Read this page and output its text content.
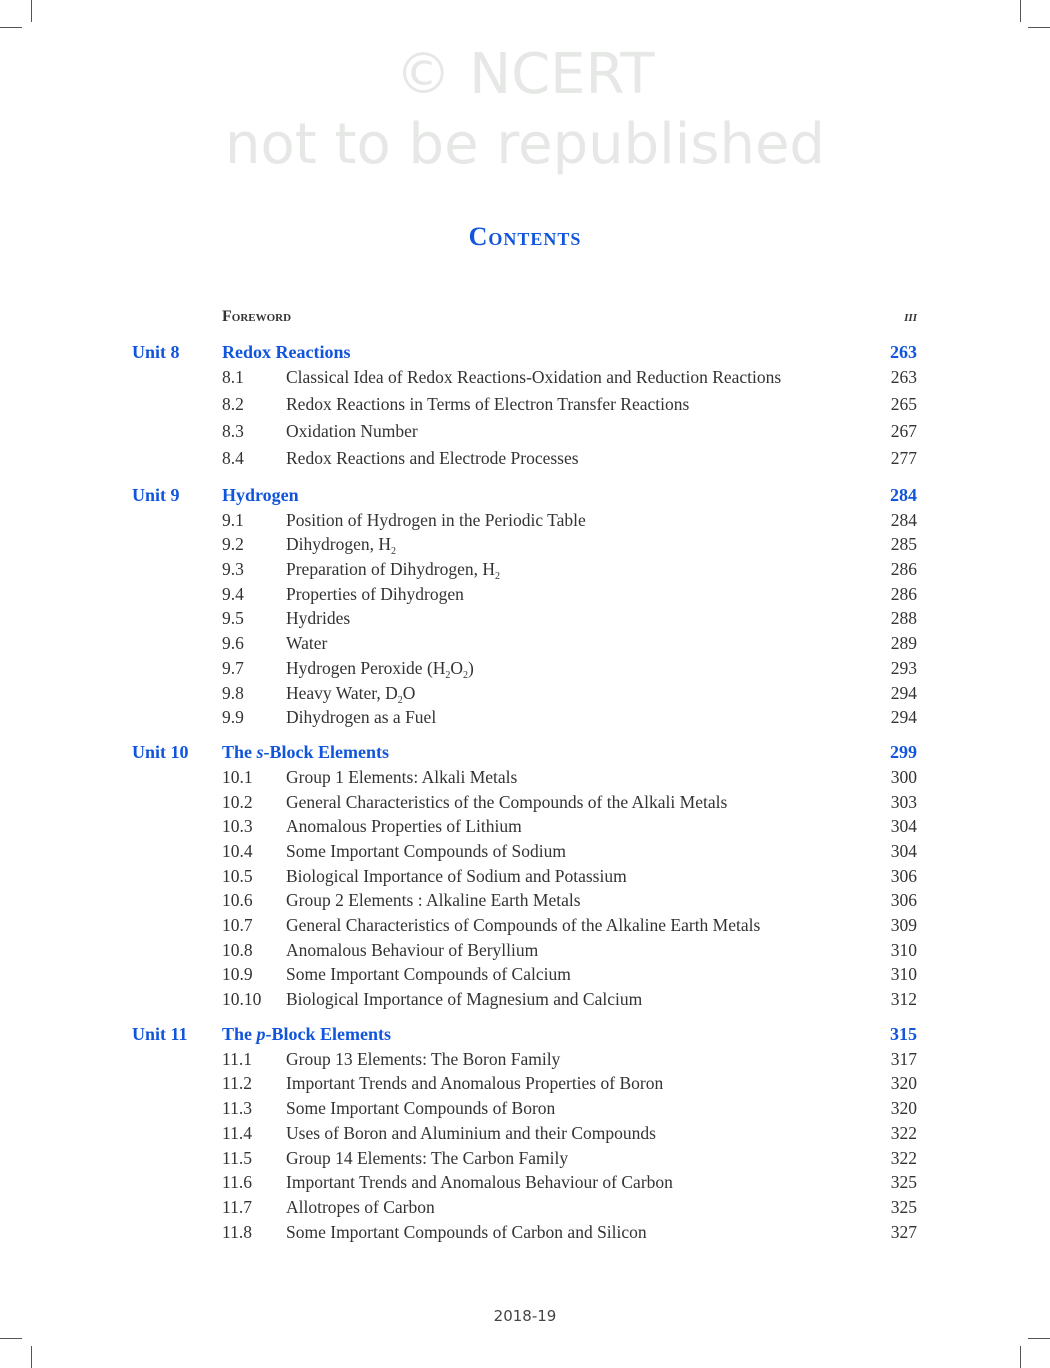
© NCERT
not to be republished
Contents
Foreword	iii
Unit 8	Redox Reactions	263
8.1	Classical Idea of Redox Reactions-Oxidation and Reduction Reactions	263
8.2	Redox Reactions in Terms of Electron Transfer Reactions	265
8.3	Oxidation Number	267
8.4	Redox Reactions and Electrode Processes	277
Unit 9	Hydrogen	284
9.1	Position of Hydrogen in the Periodic Table	284
9.2	Dihydrogen, $H_2$	285
9.3	Preparation of Dihydrogen, $H_2$	286
9.4	Properties of Dihydrogen	286
9.5	Hydrides	288
9.6	Water	289
9.7	Hydrogen Peroxide $(H_2O_2)$	293
9.8	Heavy Water, $D_2O$	294
9.9	Dihydrogen as a Fuel	294
Unit 10	The s-Block Elements	299
10.1	Group 1 Elements: Alkali Metals	300
10.2	General Characteristics of the Compounds of the Alkali Metals	303
10.3	Anomalous Properties of Lithium	304
10.4	Some Important Compounds of Sodium	304
10.5	Biological Importance of Sodium and Potassium	306
10.6	Group 2 Elements : Alkaline Earth Metals	306
10.7	General Characteristics of Compounds of the Alkaline Earth Metals	309
10.8	Anomalous Behaviour of Beryllium	310
10.9	Some Important Compounds of Calcium	310
10.10	Biological Importance of Magnesium and Calcium	312
Unit 11	The p-Block Elements	315
11.1	Group 13 Elements: The Boron Family	317
11.2	Important Trends and Anomalous Properties of Boron	320
11.3	Some Important Compounds of Boron	320
11.4	Uses of Boron and Aluminium and their Compounds	322
11.5	Group 14 Elements: The Carbon Family	322
11.6	Important Trends and Anomalous Behaviour of Carbon	325
11.7	Allotropes of Carbon	325
11.8	Some Important Compounds of Carbon and Silicon	327
2018-19
